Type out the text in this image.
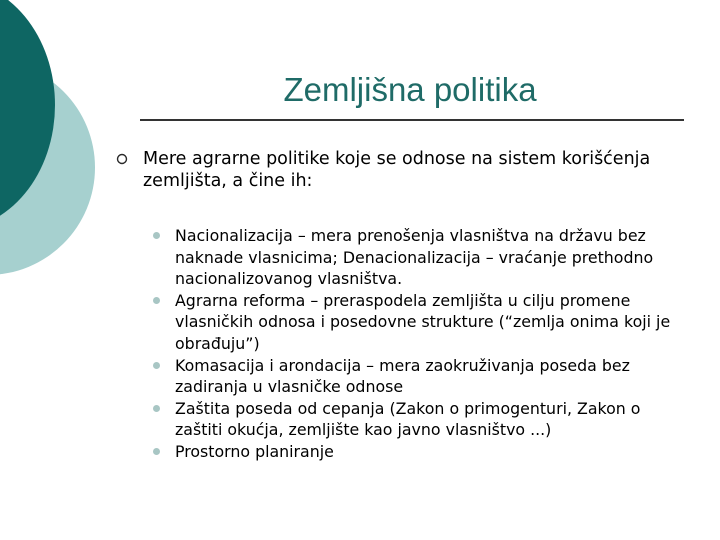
Zemljišna politika
Mere agrarne politike koje se odnose na sistem korišćenja zemljišta, a čine ih:
Nacionalizacija – mera prenošenja vlasništva na državu bez naknade vlasnicima; Denacionalizacija – vraćanje prethodno nacionalizovanog vlasništva.
Agrarna reforma – preraspodela zemljišta u cilju promene vlasničkih odnosa i posedovne strukture (“zemlja onima koji je obrađuju”)
Komasacija i arondacija – mera zaokruživanja poseda bez zadiranja u vlasničke odnose
Zaštita poseda od cepanja (Zakon o primogenturi, Zakon o zaštiti okućja, zemljište kao javno vlasništvo ...)
Prostorno planiranje
